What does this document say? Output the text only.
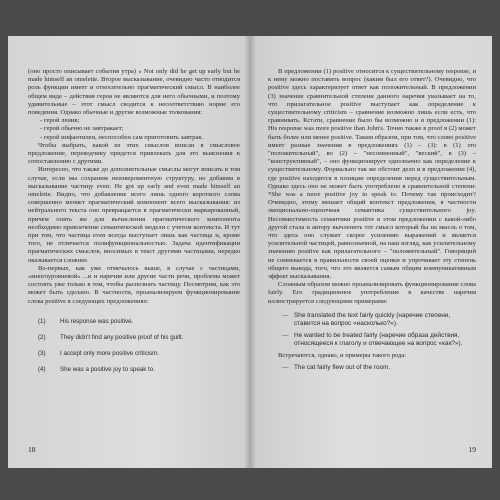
(оно просто описывает события утра) « Not only did he get up early but he made himself an omelette. Второе высказывание, очевидно часто отводится роль функции имеет и относительно прагматический смысл. В наиболее общем виде – действия героя не являются для него обычными, и поэтому удивительные – этот смысл сводится к несоответствию норме его поведения. Однако обычные и другие возможные толкования:

- герой ленив;

- герой обычно не завтракает;

- герой инфантилен, неспособен сам приготовить завтрак.

Чтобы выбрать, какой из этих смыслов вписан в смысловое предложение, переводчику придется привлекать для это выяснения к сопоставлению с другими.

Интересно, что также до дополнительные смыслы могут вписать в том случае, если мы сохраним неизвероментную структуру, но добавим в высказывание частицу even: He got up early and even made himself an omelette. Видно, что добавление всего лишь одного короткого слова совершенно меняет прагматический компонент всего высказывания: из нейтрального текста оно превращается в прагматически маркированный, причем опять же для вычисления прагматического компонента необходимо привлечение семантической модели с учетом контекста. И тут при том, что частица even всегда выступает лишь как частица и, кроме того, не отличается полифункциональностью. Задача идентификации прагматических смыслов, вносимых в текст другими частицами, нередко оказывается сложнее.

Во-первых, как уже отмечалось выше, в случае с частицами, «многоуровневой» ...и и наречия или другие части речи, проблема может состоять уже только в том, чтобы распознать частицу. Посмотрим, как это может быть сделано. В частности, проанализируем функционирование слова positive в следующих предложениях:

(1)	His response was positive.
(2)	They didn't find any positive proof of his guilt.
(3)	I accept only more positive criticism.
(4)	She was a positive joy to speak to.
18

В предложении (1) positive относится к существительному response, и к нему можно поставить вопрос (каким был его ответ?). Очевидно, что positive здесь характеризует ответ как положительный. В предложении (3) значение сравнительной степени данного наречия указывает на то, что прилагательное positive выступает как определение к существительному criticism – сравнение возможно лишь если есть, что сравнивать. Кстати, сравнение было бы возможно и в предложении (1): His response was more positive than John's. Точно также в proof в (2) может быть более или менее positive. Таким образом, при том, что слово positive имеет разные значения в предложениях (1) – (3): в (1) это "положительный", во (2) – "несомненный", "веский", в (3) – "конструктивный", – оно функционирует однозначно как определение к существительному. Формально так же обстоит дело и в предложении (4), где positive находится в позиции определения перед существительным. Однако здесь оно не может быть употреблено в сравнительной степени: *She was a more positive joy to speak to. Почему так происходит? Очевидно, этому мешает общий контекст предложения, в частности эмоционально-оценочная семантика существительного joy. Несовместимость семантики positive в этом предложении с какой-либо другой стала и автору вычленить тот смысл который бы на мысль о том, что здесь оно служит скорее усилению выражений и является усилительной частицей, равнозначной, на наш взгляд, как усилительному значению positive как прилагательного – "положительный". Говорящий не сомневается в правильности своей оценки и упрочивает эту степень общего вывода, того, что это является самым общим коммуникативным эффект высказывания.

Сложным образом можно проанализировать функционирование слова fairly. Его традиционное употребление в качестве наречия иллюстрируется следующими примерами:

— She translated the text fairly quickly (наречие степени, ставится на вопрос «насколько?»).
— He wanted to be treated fairly (наречие образа действия, относящееся к глаголу и отвечающее на вопрос «как?»).

Встречаются, однако, и примеры такого рода:

— The cat fairly flew out of the room.
19
